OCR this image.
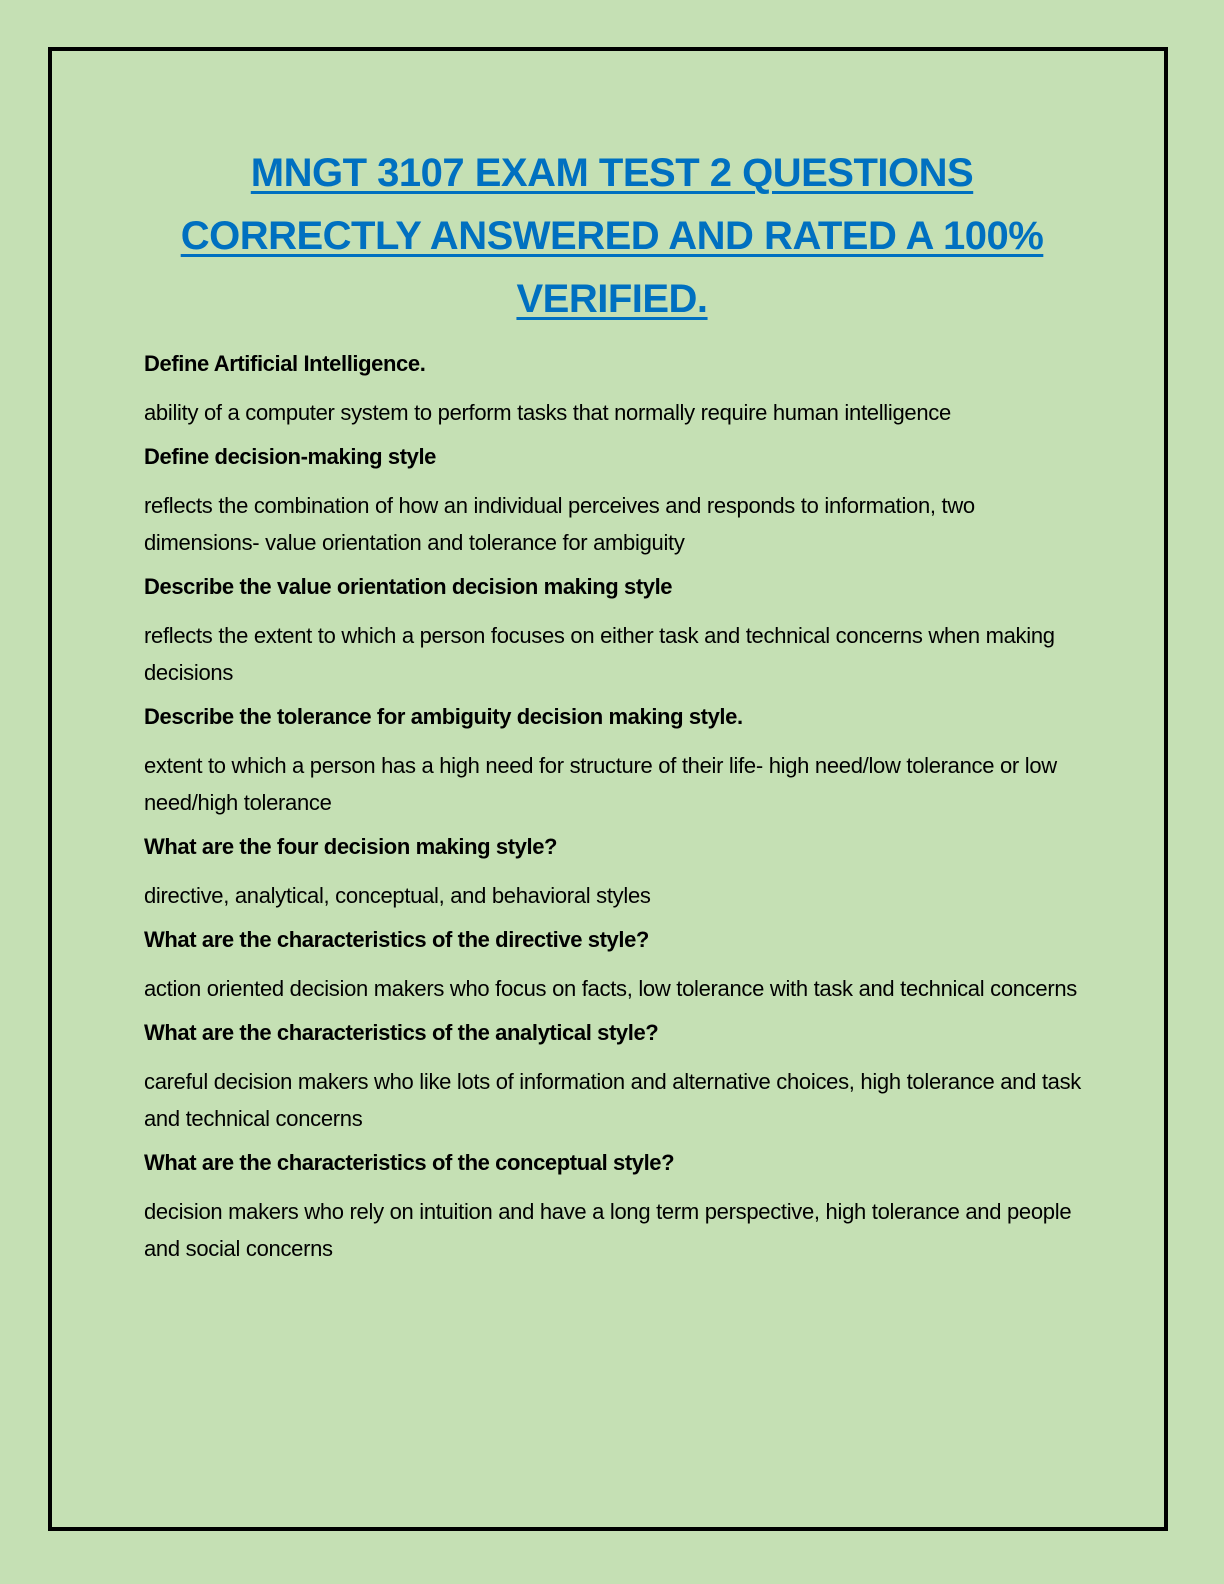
MNGT 3107 EXAM TEST 2 QUESTIONS
CORRECTLY ANSWERED AND RATED A 100%
VERIFIED.

Define Artificial Intelligence.

ability of a computer system to perform tasks that normally require human intelligence

Define decision-making style

reflects the combination of how an individual perceives and responds to information, two dimensions- value orientation and tolerance for ambiguity

Describe the value orientation decision making style

reflects the extent to which a person focuses on either task and technical concerns when making decisions

Describe the tolerance for ambiguity decision making style.

extent to which a person has a high need for structure of their life- high need/low tolerance or low need/high tolerance

What are the four decision making style?

directive, analytical, conceptual, and behavioral styles

What are the characteristics of the directive style?

action oriented decision makers who focus on facts, low tolerance with task and technical concerns

What are the characteristics of the analytical style?

careful decision makers who like lots of information and alternative choices, high tolerance and task and technical concerns

What are the characteristics of the conceptual style?

decision makers who rely on intuition and have a long term perspective, high tolerance and people and social concerns
